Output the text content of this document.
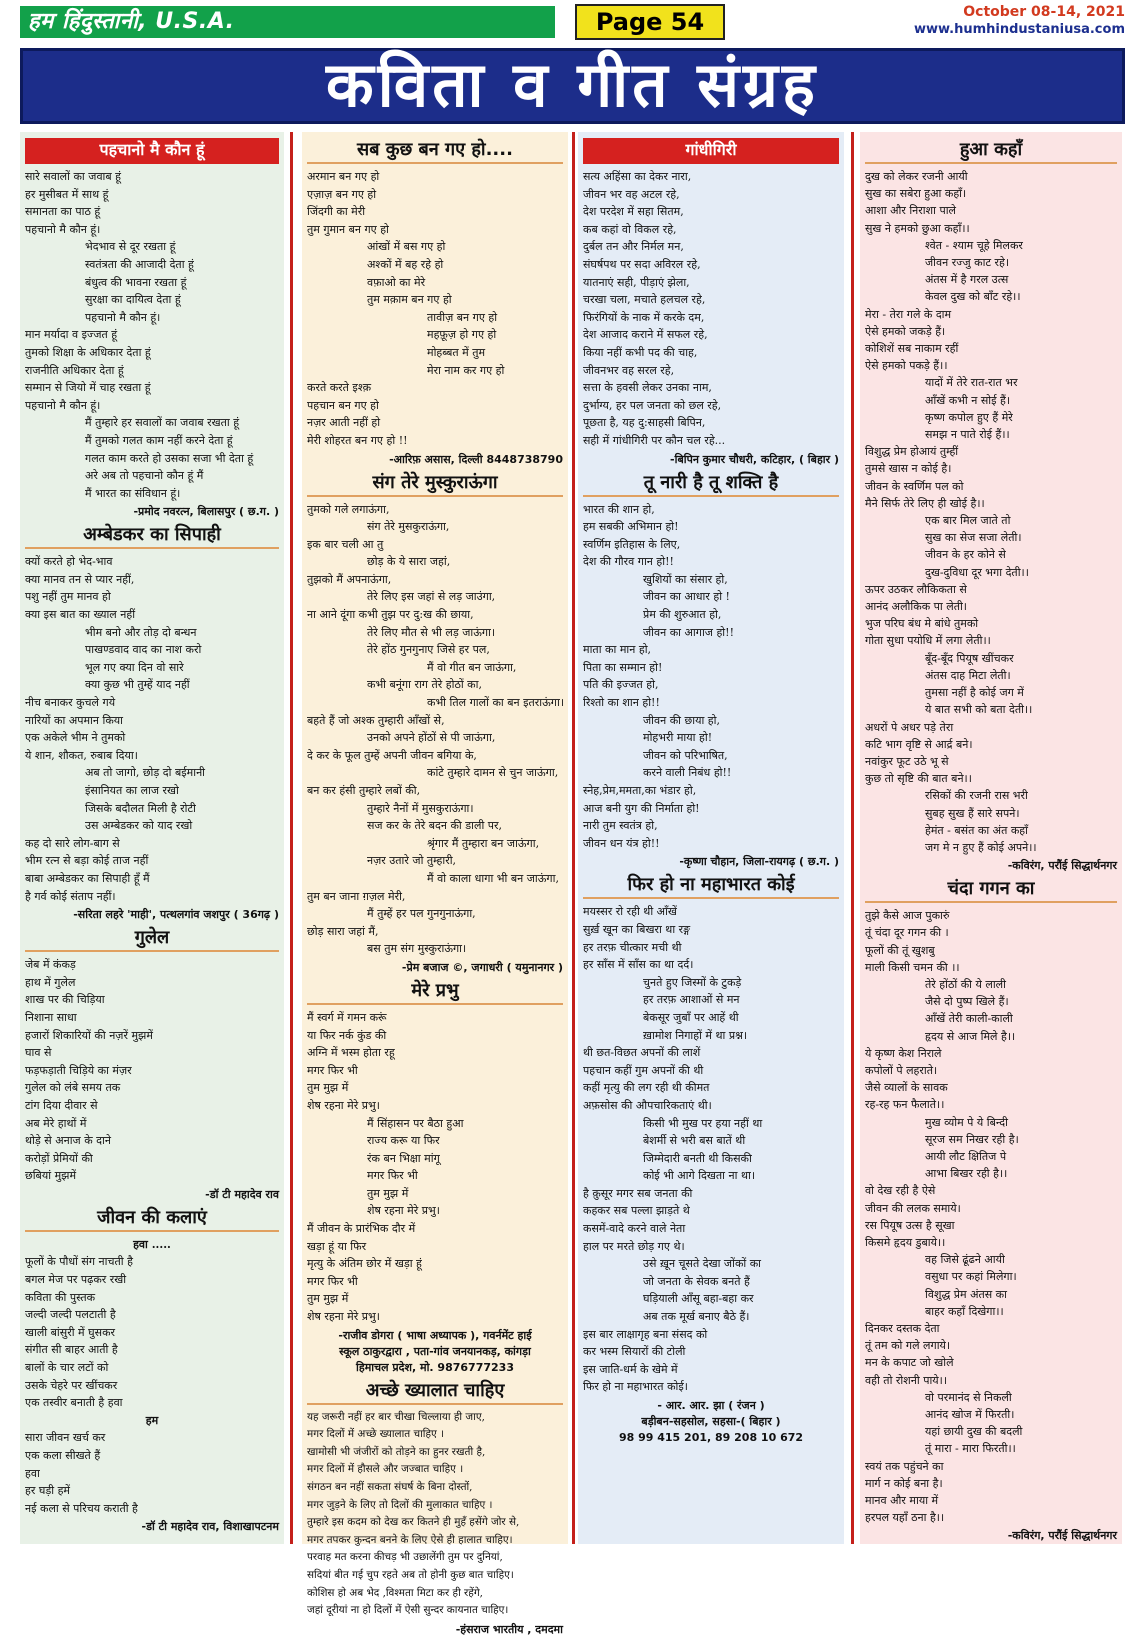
हम हिंदुस्तानी, U.S.A.	Page 54	October 08-14, 2021
www.humhindustaniusa.com
कविता व गीत संग्रह
पहचानो मै कौन हूं
सारे सवालों का जवाब हूं
हर मुसीबत में साथ हूं
समानता का पाठ हूं
पहचानो मै कौन हूं।
भेदभाव से दूर रखता हूं
स्वतंत्रता की आजादी देता हूं
बंधुत्व की भावना रखता हूं
सुरक्षा का दायित्व देता हूं
पहचानो मै कौन हूं।
मान मर्यादा व इज्जत हूं
तुमको शिक्षा के अधिकार देता हूं
राजनीति अधिकार देता हूं
सम्मान से जियो में चाह रखता हूं
पहचानो मै कौन हूं।
मैं तुम्हारे हर सवालों का जवाब रखता हूं
मैं तुमको गलत काम नहीं करने देता हूं
गलत काम करते हो उसका सजा भी देता हूं
अरे अब तो पहचानो कौन हूं मैं
मैं भारत का संविधान हूं।
-प्रमोद नवरत्न, बिलासपुर ( छ.ग. )
अम्बेडकर का सिपाही
क्यों करते हो भेद-भाव
क्या मानव तन से प्यार नहीं,
पशु नहीं तुम मानव हो
क्या इस बात का ख्याल नहीं
भीम बनो और तोड़ दो बन्धन
पाखण्डवाद वाद का नाश करो
भूल गए क्या दिन वो सारे
क्या कुछ भी तुम्हें याद नहीं
नीच बनाकर कुचले गये
नारियों का अपमान किया
एक अकेले भीम ने तुमको
ये शान, शौकत, रुबाब दिया।
अब तो जागो, छोड़ दो बईमानी
इंसानियत का लाज रखो
जिसके बदौलत मिली है रोटी
उस अम्बेडकर को याद रखो
कह दो सारे लोग-बाग से
भीम रत्न से बड़ा कोई ताज नहीं
बाबा अम्बेडकर का सिपाही हूँ मैं
है गर्व कोई संताप नहीं।
-सरिता लहरे 'माही', पत्थलगांव जशपुर ( 36गढ़ )
गुलेल
जेब में कंकड़
हाथ में गुलेल
शाख पर की चिड़िया
निशाना साधा
हजारों शिकारियों की नज़रें मुझमें
घाव से
फड़फड़ाती चिड़िये का मंज़र
गुलेल को लंबे समय तक
टांग दिया दीवार से
अब मेरे हाथों में
थोड़े से अनाज के दाने
करोड़ों प्रेमियों की
छबियां मुझमें
-डॉ टी महादेव राव
जीवन की कलाएं
हवा .....
फूलों के पौधों संग नाचती है
बगल मेज पर पढ़कर रखी
कविता की पुस्तक
जल्दी जल्दी पलटाती है
खाली बांसुरी में घुसकर
संगीत सी बाहर आती है
बालों के चार लटों को
उसके चेहरे पर खींचकर
एक तस्वीर बनाती है हवा
हम
सारा जीवन खर्च कर
एक कला सीखते हैं
हवा
हर घड़ी हमें
नई कला से परिचय कराती है
-डॉ टी महादेव राव, विशाखापटनम
सब कुछ बन गए हो....
अरमान बन गए हो
एज़ाज़ बन गए हो
जिंदगी का मेरी
तुम गुमान बन गए हो
आंखों में बस गए हो
अश्कों में बह रहे हो
वफ़ाओ का मेरे
तुम मक़ाम बन गए हो
तावीज़ बन गए हो
महफ़ूज़ हो गए हो
मोहब्बत में तुम
मेरा नाम कर गए हो
करते करते इश्क़
पहचान बन गए हो
नज़र आती नहीं हो
मेरी शोहरत बन गए हो !!
-आरिफ़ असास, दिल्ली 8448738790
संग तेरे मुस्कुराऊंगा
तुमको गले लगाऊंगा,
संग तेरे मुसकुराऊंगा,
इक बार चली आ तु
छोड़ के ये सारा जहां,
तुझको मैं अपनाऊंगा,
तेरे लिए इस जहां से लड़ जाउंगा,
ना आने दूंगा कभी तुझ पर दु:ख की छाया,
तेरे लिए मौत से भी लड़ जाऊंगा।
तेरे होंठ गुनगुनाए जिसे हर पल,
मैं वो गीत बन जाऊंगा,
कभी बनूंगा राग तेरे होठों का,
कभी तिल गालों का बन इतराऊंगा।
बहते हैं जो अश्क तुम्हारी आँखों से,
उनको अपने होंठों से पी जाऊंगा,
दे कर के फूल तुम्हें अपनी जीवन बगिया के,
कांटे तुम्हारे दामन से चुन जाऊंगा,
बन कर हंसी तुम्हारे लबों की,
तुम्हारे नैनों में मुसकुराऊंगा।
सज कर के तेरे बदन की डाली पर,
श्रृंगार मैं तुम्हारा बन जाऊंगा,
नज़र उतारे जो तुम्हारी,
मैं वो काला धागा भी बन जाऊंगा,
तुम बन जाना ग़ज़ल मेरी,
मैं तुम्हें हर पल गुनगुनाऊंगा,
छोड़ सारा जहां मैं,
बस तुम संग मुस्कुराऊंगा।
-प्रेम बजाज ©, जगाधरी ( यमुनानगर )
मेरे प्रभु
मैं स्वर्ग में गमन करूं
या फिर नर्क कुंड की
अग्नि में भस्म होता रहू
मगर फिर भी
तुम मुझ में
शेष रहना मेरे प्रभु।
मैं सिंहासन पर बैठा हुआ
राज्य करू या फिर
रंक बन भिक्षा मांगू
मगर फिर भी
तुम मुझ में
शेष रहना मेरे प्रभु।
मैं जीवन के प्रारंभिक दौर में
खड़ा हूं या फिर
मृत्यु के अंतिम छोर में खड़ा हूं
मगर फिर भी
तुम मुझ में
शेष रहना मेरे प्रभु।
-राजीव डोगरा ( भाषा अध्यापक ), गवर्नमेंट हाई
स्कूल ठाकुरद्वारा , पता-गांव जनयानकड़, कांगड़ा
हिमाचल प्रदेश, मो. 9876777233
अच्छे ख्यालात चाहिए
यह जरूरी नहीं हर बार चीखा चिल्लाया ही जाए,
मगर दिलों में अच्छे ख्यालात चाहिए ।
खामोसी भी जंजीरों को तोड़ने का हुनर रखती है,
मगर दिलों में हौसले और जज्बात चाहिए ।
संगठन बन नहीं सकता संघर्ष के बिना दोस्तों,
मगर जुड़ने के लिए तो दिलों की मुलाकात चाहिए ।
तुम्हारे इस कदम को देख कर कितने ही मुहँ हसेंगे जोर से,
मगर तपकर कुन्दन बनने के लिए ऐसे ही हालात चाहिए।
परवाह मत करना कीचड़ भी उछालेंगी तुम पर दुनियां,
सदियां बीत गई चुप रहते अब तो होनी कुछ बात चाहिए।
कोशिस हो अब भेद ,विश्मता मिटा कर ही रहेंगे,
जहां दूरीयां ना हो दिलों में ऐसी सुन्दर कायनात चाहिए।
-हंसराज भारतीय , दमदमा
गांधीगिरी
सत्य अहिंसा का देकर नारा,
जीवन भर वह अटल रहे,
देश परदेश में सहा सितम,
कब कहां वो विकल रहे,
दुर्बल तन और निर्मल मन,
संघर्षपथ पर सदा अविरल रहे,
यातनाएं सही, पीड़ाएं झेला,
चरखा चला, मचाते हलचल रहे,
फिरंगियों के नाक में करके दम,
देश आजाद कराने में सफल रहे,
किया नहीं कभी पद की चाह,
जीवनभर वह सरल रहे,
सत्ता के हवसी लेकर उनका नाम,
दुर्भाग्य, हर पल जनता को छल रहे,
पूछता है, यह दु:साहसी बिपिन,
सही में गांधीगिरी पर कौन चल रहे...
-बिपिन कुमार चौधरी, कटिहार, ( बिहार )
तू नारी है तू शक्ति है
भारत की शान हो,
हम सबकी अभिमान हो!
स्वर्णिम इतिहास के लिए,
देश की गौरव गान हो!!
खुशियों का संसार हो,
जीवन का आधार हो !
प्रेम की शुरुआत हो,
जीवन का आगाज हो!!
माता का मान हो,
पिता का सम्मान हो!
पति की इज्जत हो,
रिश्तो का शान हो!!
जीवन की छाया हो,
मोहभरी माया हो!
जीवन को परिभाषित,
करने वाली निबंध हो!!
स्नेह,प्रेम,ममता,का भंडार हो,
आज बनी युग की निर्माता हो!
नारी तुम स्वतंत्र हो,
जीवन धन यंत्र हो!!
-कृष्णा चौहान, जिला-रायगढ़ ( छ.ग. )
फिर हो ना महाभारत कोई
मयस्सर रो रही थी आँखें
सुर्ख़ खून का बिखरा था रङ्ग
हर तरफ़ चीत्कार मची थी
हर साँस में साँस का था दर्द।
चुनते हुए जिस्मों के टुकड़े
हर तरफ़ आशाओं से मन
बेकसूर जुबाँ पर आहें थी
ख़ामोश निगाहों में था प्रश्न।
थी छत-विछत अपनों की लाशें
पहचान कहीं गुम अपनों की थी
कहीं मृत्यु की लग रही थी कीमत
अफ़सोस की औपचारिकताएं थी।
किसी भी मुख पर हया नहीं था
बेशर्मी से भरी बस बातें थी
जिम्मेदारी बनती थी किसकी
कोई भी आगे दिखता ना था।
है क़ुसूर मगर सब जनता की
कहकर सब पल्ला झाड़ते थे
कसमें-वादे करने वाले नेता
हाल पर मरते छोड़ गए थे।
उसे ख़ून चूसते देखा जोंकों का
जो जनता के सेवक बनते हैं
घड़ियाली आँसू बहा-बहा कर
अब तक मूर्ख बनाए बैठे हैं।
इस बार लाक्षागृह बना संसद को
कर भस्म सियारों की टोली
इस जाति-धर्म के खेमे में
फिर हो ना महाभारत कोई।
- आर. आर. झा ( रंजन )
बड़ीबन-सहसोल, सहसा-( बिहार )
98 99 415 201, 89 208 10 672
हुआ कहाँ
दुख को लेकर रजनी आयी
सुख का सबेरा हुआ कहाँ।
आशा और निराशा पाले
सुख ने हमको छुआ कहाँ।।
श्वेत - श्याम चूहे मिलकर
जीवन रज्जु काट रहे।
अंतस में है गरल उत्स
केवल दुख को बाँट रहे।।
मेरा - तेरा गले के दाम
ऐसे हमको जकड़े हैं।
कोशिशें सब नाकाम रहीं
ऐसे हमको पकड़े हैं।।
यादों में तेरे रात-रात भर
आँखें कभी न सोई हैं।
कृष्ण कपोल हुए हैं मेरे
समझ न पाते रोई हैं।।
विशुद्ध प्रेम होआयं तुम्हीं
तुमसे खास न कोई है।
जीवन के स्वर्णिम पल को
मैने सिर्फ तेरे लिए ही खोई है।।
एक बार मिल जाते तो
सुख का सेज सजा लेती।
जीवन के हर कोने से
दुख-दुविधा दूर भगा देती।।
ऊपर उठकर लौकिकता से
आनंद अलौकिक पा लेती।
भुज परिघ बंध मे बांधे तुमको
गोता सुधा पयोधि में लगा लेती।।
बूँद-बूँद पियूष खींचकर
अंतस दाह मिटा लेती।
तुमसा नहीं है कोई जग में
ये बात सभी को बता देती।।
अधरों पे अधर पड़े तेरा
कटि भाग वृष्टि से आर्द्र बने।
नवांकुर फूट उठे भू से
कुछ तो सृष्टि की बात बने।।
रसिकों की रजनी रास भरी
सुबह सुख हैं सारे सपने।
हेमंत - बसंत का अंत कहाँ
जग मे न हुए हैं कोई अपने।।
-कविरंग, परौंई सिद्धार्थनगर
चंदा गगन का
तुझे कैसे आज पुकारुं
तूं चंदा दूर गगन की ।
फूलों की तूं खुशबु
माली किसी चमन की ।।
तेरे होंठों की ये लाली
जैसे दो पुष्प खिले हैं।
आँखें तेरी काली-काली
हृदय से आज मिले है।।
ये कृष्ण केश निराले
कपोलों पे लहराते।
जैसे व्यालों के सावक
रह-रह फन फैलाते।।
मुख व्योम पे ये बिन्दी
सूरज सम निखर रही है।
आयी लौट क्षितिज पे
आभा बिखर रही है।।
वो देख रही है ऐसे
जीवन की ललक समाये।
रस पियूष उत्स है सूखा
किसमे हृदय डुबाये।।
वह जिसे ढूंढने आयी
वसुधा पर कहां मिलेगा।
विशुद्ध प्रेम अंतस का
बाहर कहाँ दिखेगा।।
दिनकर दस्तक देता
तूं तम को गले लगाये।
मन के कपाट जो खोले
वही तो रोशनी पाये।।
वो परमानंद से निकली
आनंद खोज में फिरती।
यहां छायी दुख की बदली
तूं मारा - मारा फिरती।।
स्वयं तक पहुंचने का
मार्ग न कोई बना है।
मानव और माया में
हरपल यहाँ ठना है।।
-कविरंग, परौंई सिद्धार्थनगर
